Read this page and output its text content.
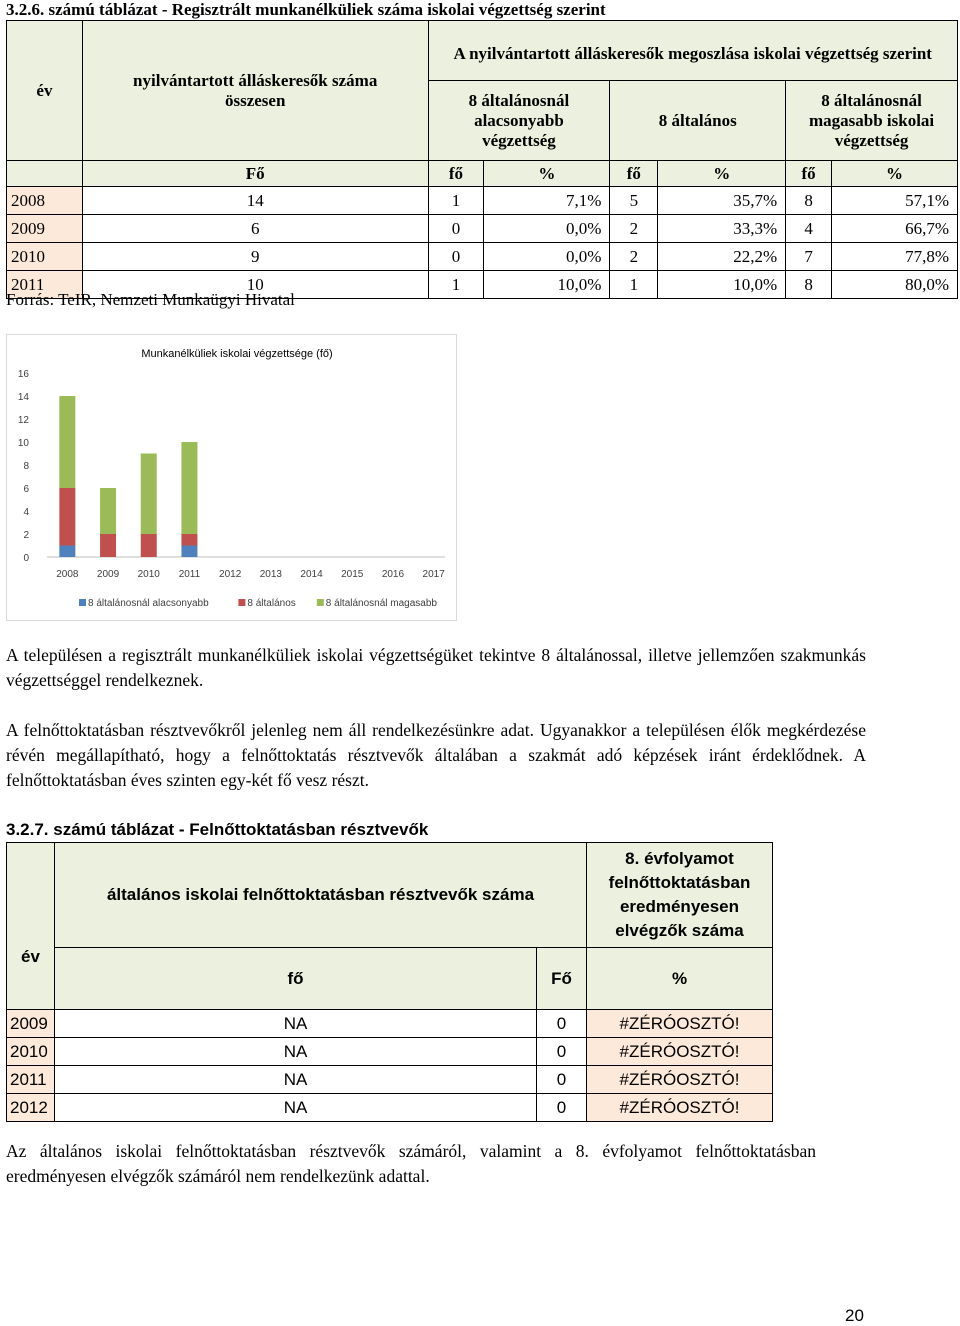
3.2.6. számú táblázat - Regisztrált munkanélküliek száma iskolai végzettség szerint
év	nyilvántartott álláskeresők száma összesen	A nyilvántartott álláskeresők megoszlása iskolai végzettség szerint					
		8 általánosnál alacsonyabb végzettség		8 általános		8 általánosnál magasabb iskolai végzettség	
	Fő	fő	%	fő	%	fő	%
2008	14	1	7,1%	5	35,7%	8	57,1%
2009	6	0	0,0%	2	33,3%	4	66,7%
2010	9	0	0,0%	2	22,2%	7	77,8%
2011	10	1	10,0%	1	10,0%	8	80,0%
Forrás: TeIR, Nemzeti Munkaügyi Hivatal
Munkanélküliek iskolai végzettsége (fő)
0
2
4
6
8
10
12
14
16
2008 2009 2010 2011 2012 2013 2014 2015 2016 2017
8 általánosnál alacsonyabb	8 általános	8 általánosnál magasabb
A településen a regisztrált munkanélküliek iskolai végzettségüket tekintve 8 általánossal, illetve jellemzően szakmunkás végzettséggel rendelkeznek.
A felnőttoktatásban résztvevőkről jelenleg nem áll rendelkezésünkre adat. Ugyanakkor a településen élők megkérdezése révén megállapítható, hogy a felnőttoktatás résztvevők általában a szakmát adó képzések iránt érdeklődnek. A felnőttoktatásban éves szinten egy-két fő vesz részt.
3.2.7. számú táblázat - Felnőttoktatásban résztvevők
év	általános iskolai felnőttoktatásban résztvevők száma		8. évfolyamot felnőttoktatásban eredményesen elvégzők száma
	fő	Fő	%
2009	NA	0	#ZÉRÓOSZTÓ!
2010	NA	0	#ZÉRÓOSZTÓ!
2011	NA	0	#ZÉRÓOSZTÓ!
2012	NA	0	#ZÉRÓOSZTÓ!
Az általános iskolai felnőttoktatásban résztvevők számáról, valamint a 8. évfolyamot felnőttoktatásban eredményesen elvégzők számáról nem rendelkezünk adattal.
20
